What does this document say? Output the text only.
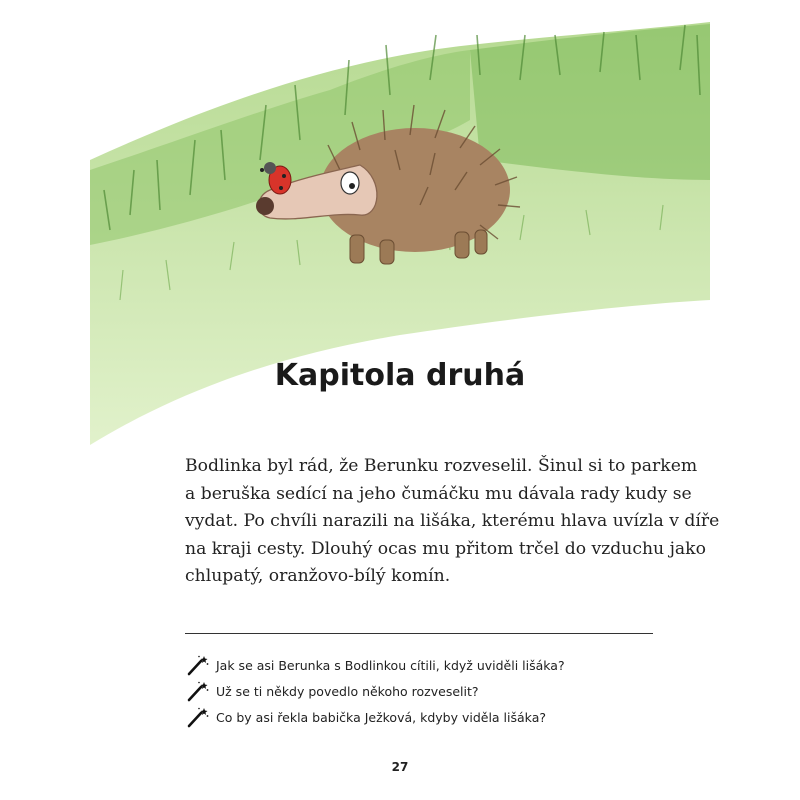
Kapitola druhá

Bodlinka byl rád, že Berunku rozveselil. Šinul si to parkem
a beruška sedící na jeho čumáčku mu dávala rady kudy se
vydat. Po chvíli narazili na lišáka, kterému hlava uvízla v díře
na kraji cesty. Dlouhý ocas mu přitom trčel do vzduchu jako
chlupatý, oranžovo-bílý komín.

Jak se asi Berunka s Bodlinkou cítili, když uviděli lišáka?
Už se ti někdy povedlo někoho rozveselit?
Co by asi řekla babička Ježková, kdyby viděla lišáka?
27
